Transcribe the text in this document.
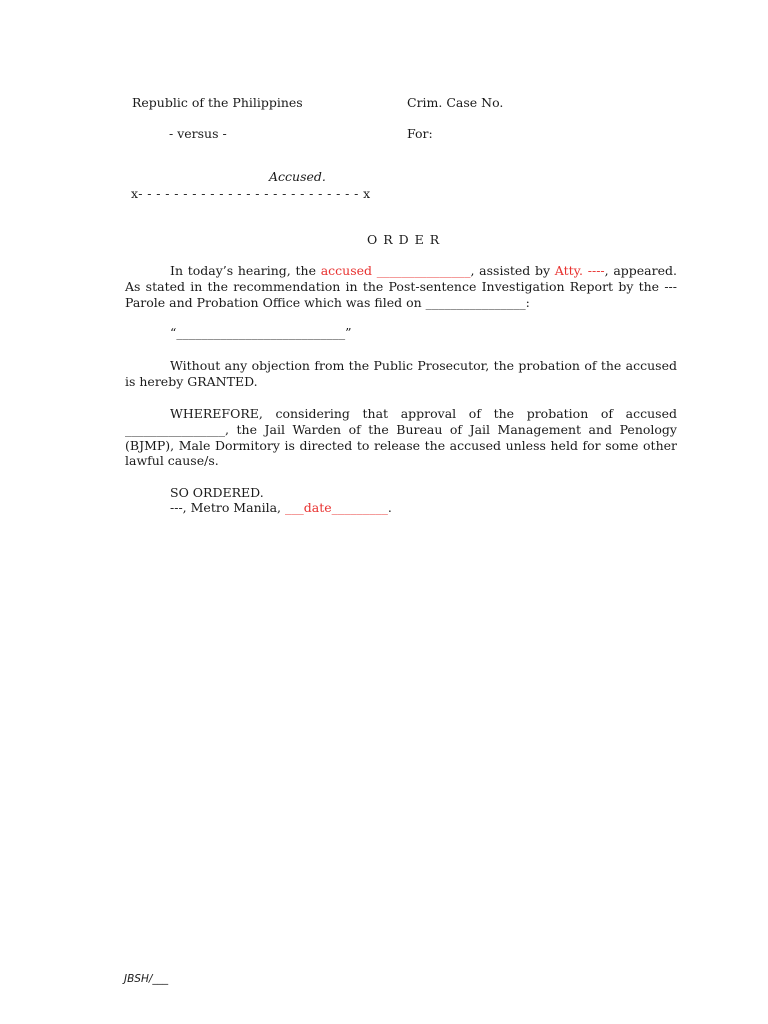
Republic of the Philippines	Crim. Case No.
- versus -	For:
Accused.
x- - - - - - - - - - - - - - - - - - - - - - - - - x
O R D E R
In today’s hearing, the accused _______________, assisted by Atty. ----, appeared. As stated in the recommendation in the Post-sentence Investigation Report by the --- Parole and Probation Office which was filed on ________________:
“___________________________”
Without any objection from the Public Prosecutor, the probation of the accused is hereby GRANTED.
WHEREFORE, considering that approval of the probation of accused ________________, the Jail Warden of the Bureau of Jail Management and Penology (BJMP), Male Dormitory is directed to release the accused unless held for some other lawful cause/s.
SO ORDERED.
---, Metro Manila, ___date_________.
JBSH/___
